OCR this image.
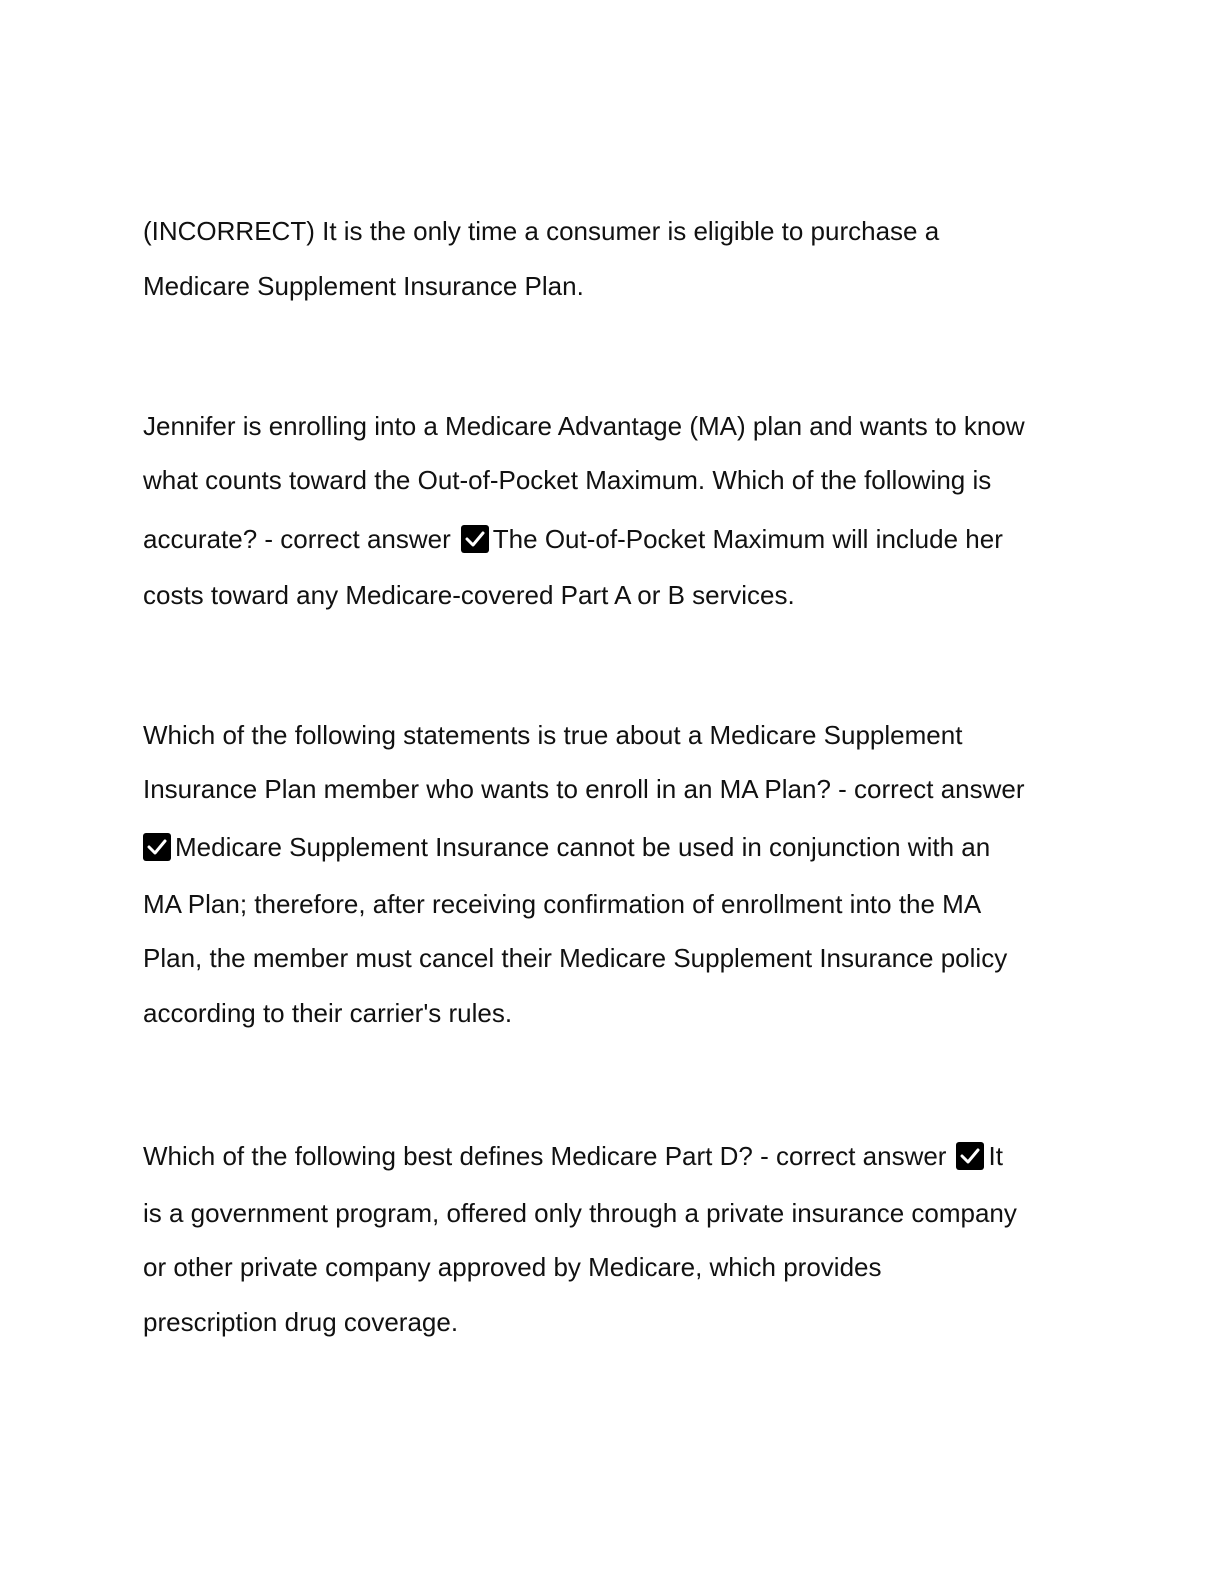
(INCORRECT) It is the only time a consumer is eligible to purchase a
Medicare Supplement Insurance Plan.
Jennifer is enrolling into a Medicare Advantage (MA) plan and wants to know
what counts toward the Out-of-Pocket Maximum. Which of the following is
accurate? - correct answer The Out-of-Pocket Maximum will include her
costs toward any Medicare-covered Part A or B services.
Which of the following statements is true about a Medicare Supplement
Insurance Plan member who wants to enroll in an MA Plan? - correct answer
Medicare Supplement Insurance cannot be used in conjunction with an
MA Plan; therefore, after receiving confirmation of enrollment into the MA
Plan, the member must cancel their Medicare Supplement Insurance policy
according to their carrier's rules.
Which of the following best defines Medicare Part D? - correct answer It
is a government program, offered only through a private insurance company
or other private company approved by Medicare, which provides
prescription drug coverage.
